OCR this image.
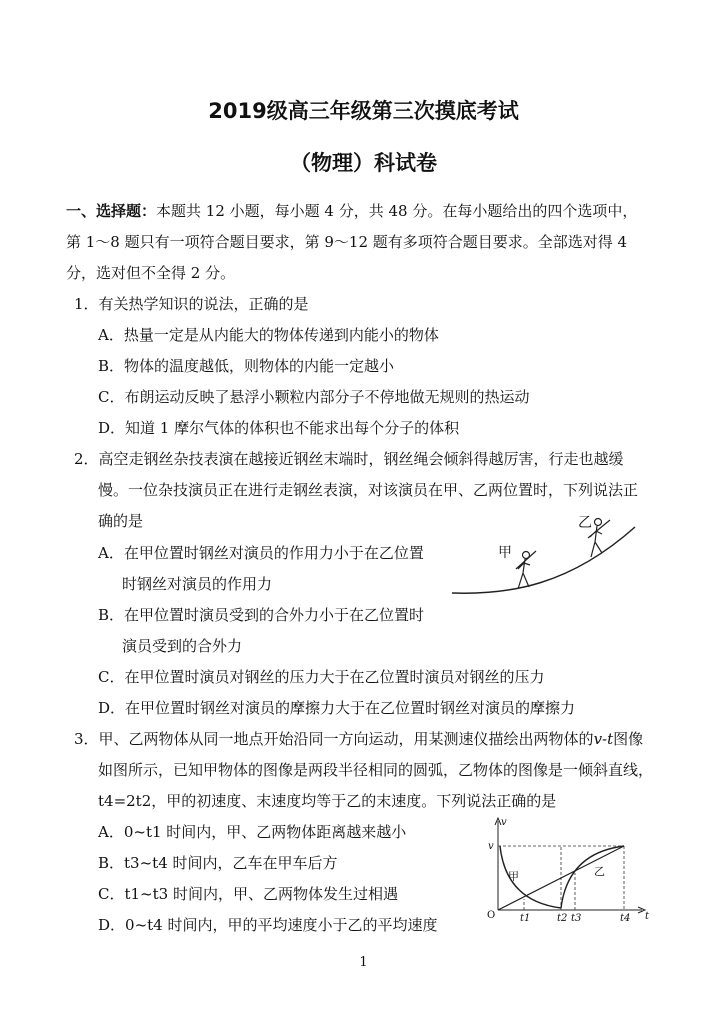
2019级高三年级第三次摸底考试
（物理）科试卷
一、选择题：本题共 12 小题，每小题 4 分，共 48 分。在每小题给出的四个选项中，
第 1～8 题只有一项符合题目要求，第 9～12 题有多项符合题目要求。全部选对得 4
分，选对但不全得 2 分。
1．有关热学知识的说法，正确的是
A．热量一定是从内能大的物体传递到内能小的物体
B．物体的温度越低，则物体的内能一定越小
C．布朗运动反映了悬浮小颗粒内部分子不停地做无规则的热运动
D．知道 1 摩尔气体的体积也不能求出每个分子的体积
2．高空走钢丝杂技表演在越接近钢丝末端时，钢丝绳会倾斜得越厉害，行走也越缓
慢。一位杂技演员正在进行走钢丝表演，对该演员在甲、乙两位置时，下列说法正
确的是
A．在甲位置时钢丝对演员的作用力小于在乙位置
时钢丝对演员的作用力
B．在甲位置时演员受到的合外力小于在乙位置时
演员受到的合外力
C．在甲位置时演员对钢丝的压力大于在乙位置时演员对钢丝的压力
D．在甲位置时钢丝对演员的摩擦力大于在乙位置时钢丝对演员的摩擦力
甲
乙
3．甲、乙两物体从同一地点开始沿同一方向运动，用某测速仪描绘出两物体的v-t图像
如图所示，已知甲物体的图像是两段半径相同的圆弧，乙物体的图像是一倾斜直线，
t4=2t2，甲的初速度、末速度均等于乙的末速度。下列说法正确的是
A．0~t1 时间内，甲、乙两物体距离越来越小
B．t3~t4 时间内，乙车在甲车后方
C．t1~t3 时间内，甲、乙两物体发生过相遇
D．0~t4 时间内，甲的平均速度小于乙的平均速度
v
v
O t1	t2 t3	t4 t
甲	乙
1
